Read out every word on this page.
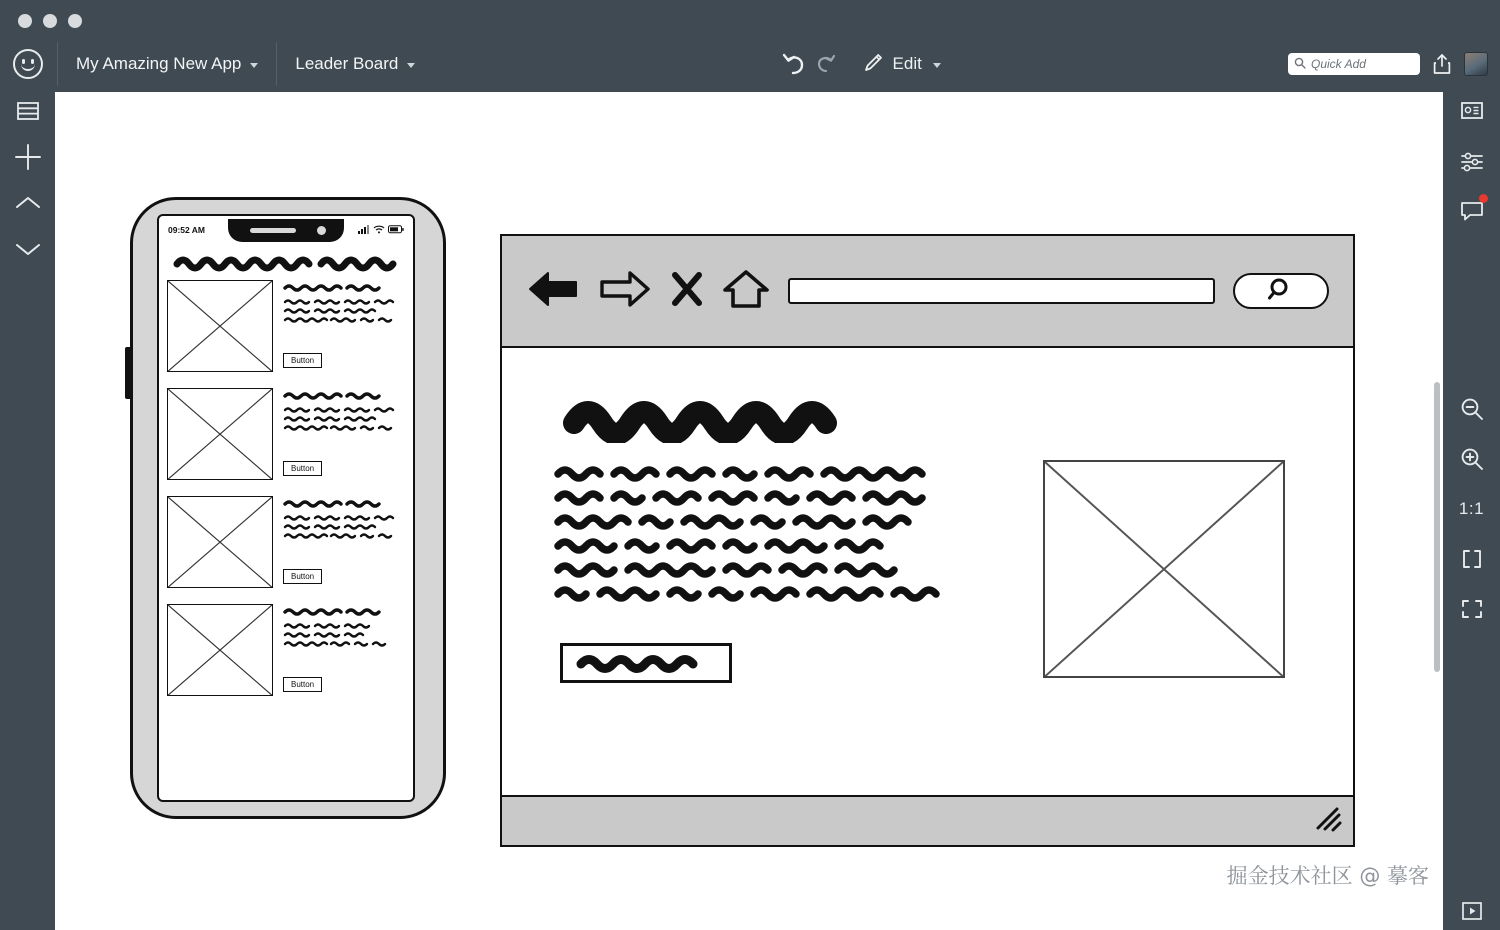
My Amazing New App	Leader Board	Edit	Quick Add
1:1
09:52 AM
Button
Button
Button
Button
掘金技术社区 @ 摹客
